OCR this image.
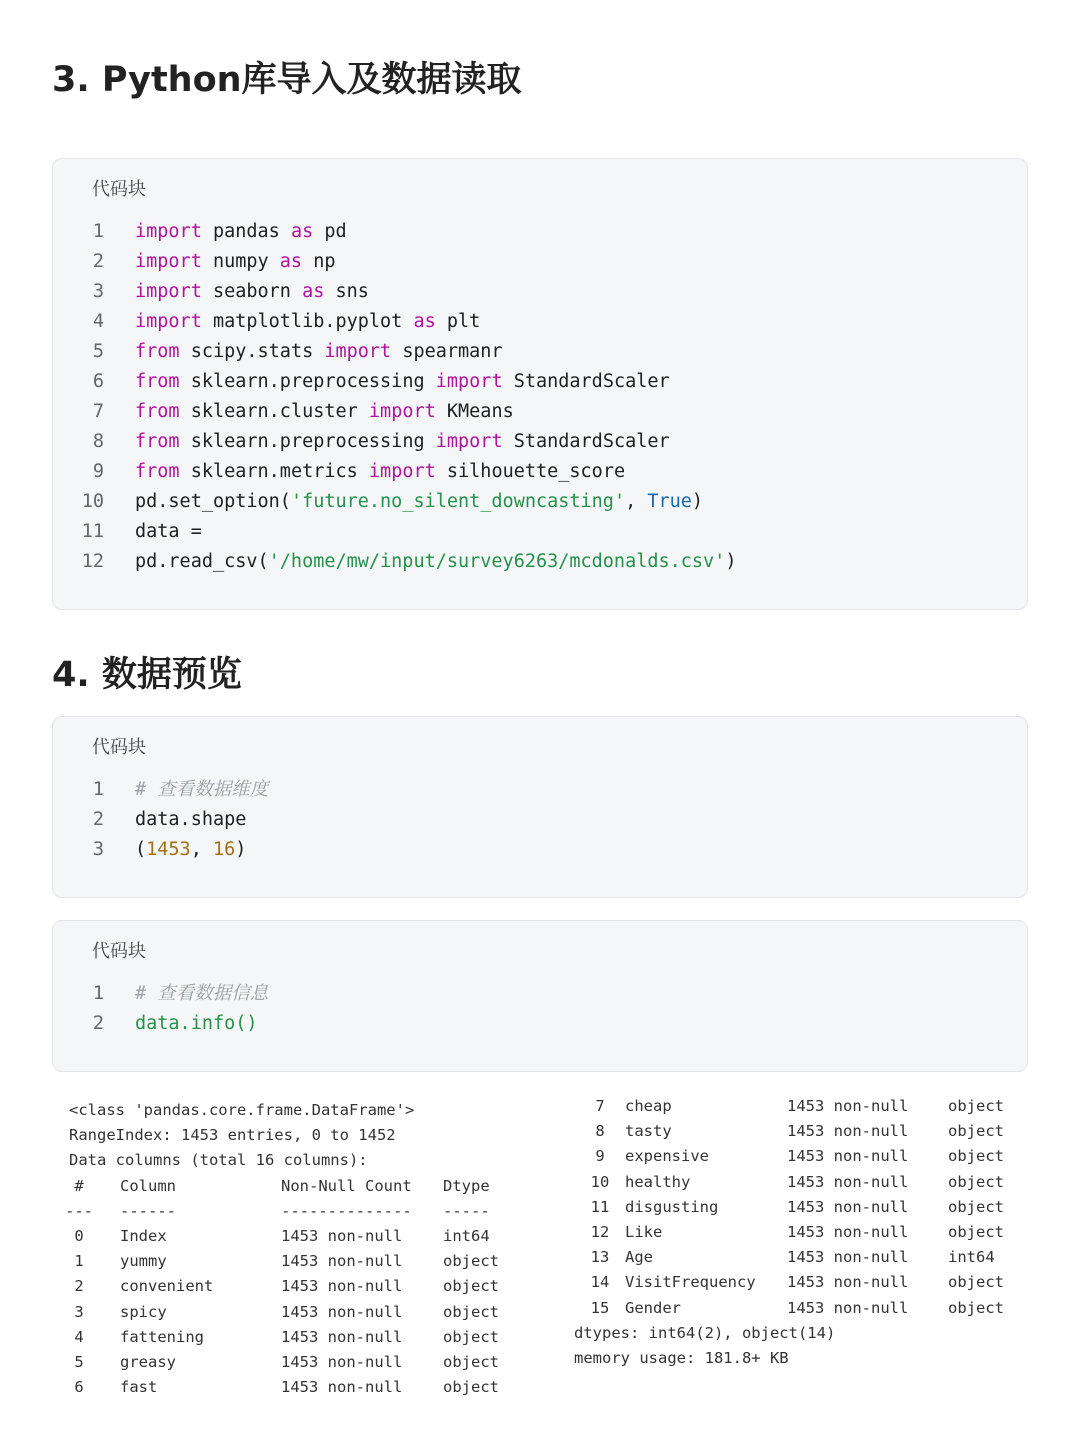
3. Python库导入及数据读取
代码块
1 import pandas as pd
2 import numpy as np
3 import seaborn as sns
4 import matplotlib.pyplot as plt
5 from scipy.stats import spearmanr
6 from sklearn.preprocessing import StandardScaler
7 from sklearn.cluster import KMeans
8 from sklearn.preprocessing import StandardScaler
9 from sklearn.metrics import silhouette_score
10 pd.set_option('future.no_silent_downcasting', True)
11 data =
12 pd.read_csv('/home/mw/input/survey6263/mcdonalds.csv')
4. 数据预览
代码块
1 # 查看数据维度
2 data.shape
3 (1453, 16)
代码块
1 # 查看数据信息
2 data.info()
<class 'pandas.core.frame.DataFrame'>
RangeIndex: 1453 entries, 0 to 1452
Data columns (total 16 columns):
#	Column	Non-Null Count Dtype
--- ------	-------------- -----
0	Index	1453 non-null	int64
1	yummy	1453 non-null	object
2	convenient	1453 non-null	object
3	spicy	1453 non-null	object
4	fattening	1453 non-null	object
5	greasy	1453 non-null	object
6	fast	1453 non-null	object
7	cheap	1453 non-null	object
8	tasty	1453 non-null	object
9	expensive	1453 non-null	object
10	healthy	1453 non-null	object
11	disgusting	1453 non-null	object
12	Like	1453 non-null	object
13	Age	1453 non-null	int64
14	VisitFrequency 1453 non-null	object
15	Gender	1453 non-null	object
dtypes: int64(2), object(14)
memory usage: 181.8+ KB
